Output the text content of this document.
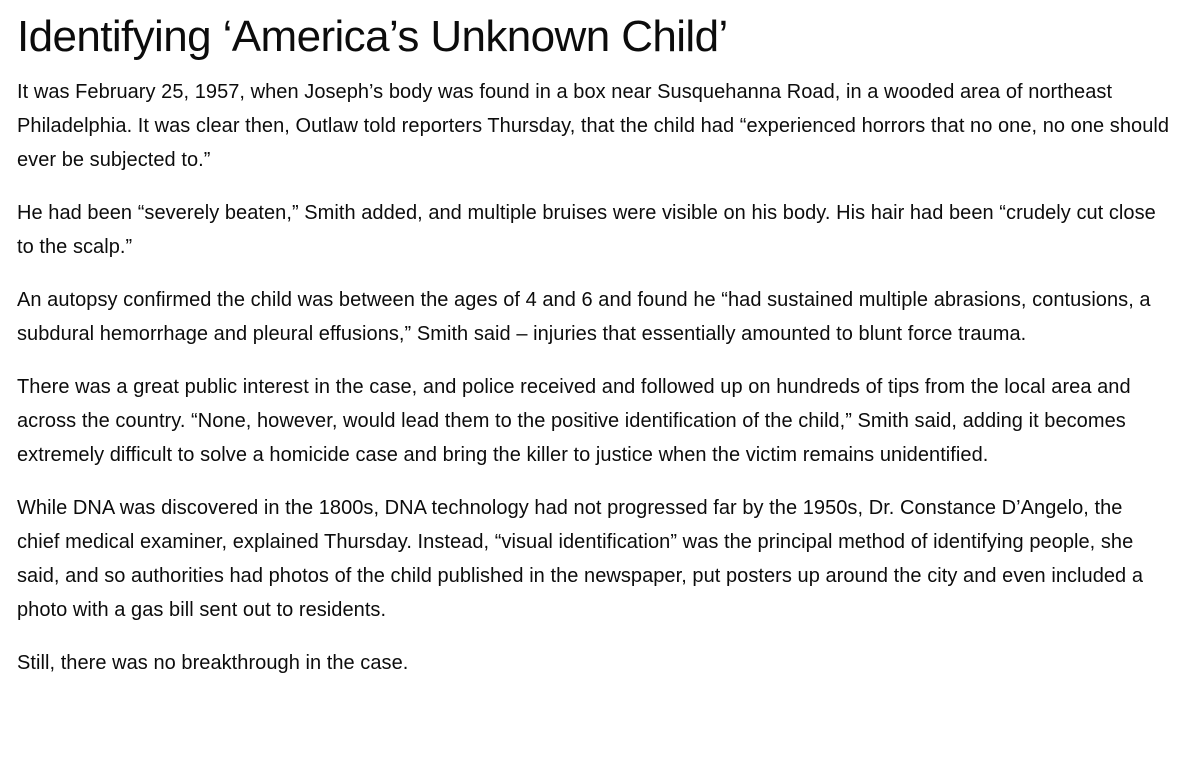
Identifying ‘America’s Unknown Child’

It was February 25, 1957, when Joseph’s body was found in a box near Susquehanna Road, in a wooded area of northeast Philadelphia. It was clear then, Outlaw told reporters Thursday, that the child had “experienced horrors that no one, no one should ever be subjected to.”

He had been “severely beaten,” Smith added, and multiple bruises were visible on his body. His hair had been “crudely cut close to the scalp.”

An autopsy confirmed the child was between the ages of 4 and 6 and found he “had sustained multiple abrasions, contusions, a subdural hemorrhage and pleural effusions,” Smith said – injuries that essentially amounted to blunt force trauma.

There was a great public interest in the case, and police received and followed up on hundreds of tips from the local area and across the country. “None, however, would lead them to the positive identification of the child,” Smith said, adding it becomes extremely difficult to solve a homicide case and bring the killer to justice when the victim remains unidentified.

While DNA was discovered in the 1800s, DNA technology had not progressed far by the 1950s, Dr. Constance D’Angelo, the chief medical examiner, explained Thursday. Instead, “visual identification” was the principal method of identifying people, she said, and so authorities had photos of the child published in the newspaper, put posters up around the city and even included a photo with a gas bill sent out to residents.

Still, there was no breakthrough in the case.
